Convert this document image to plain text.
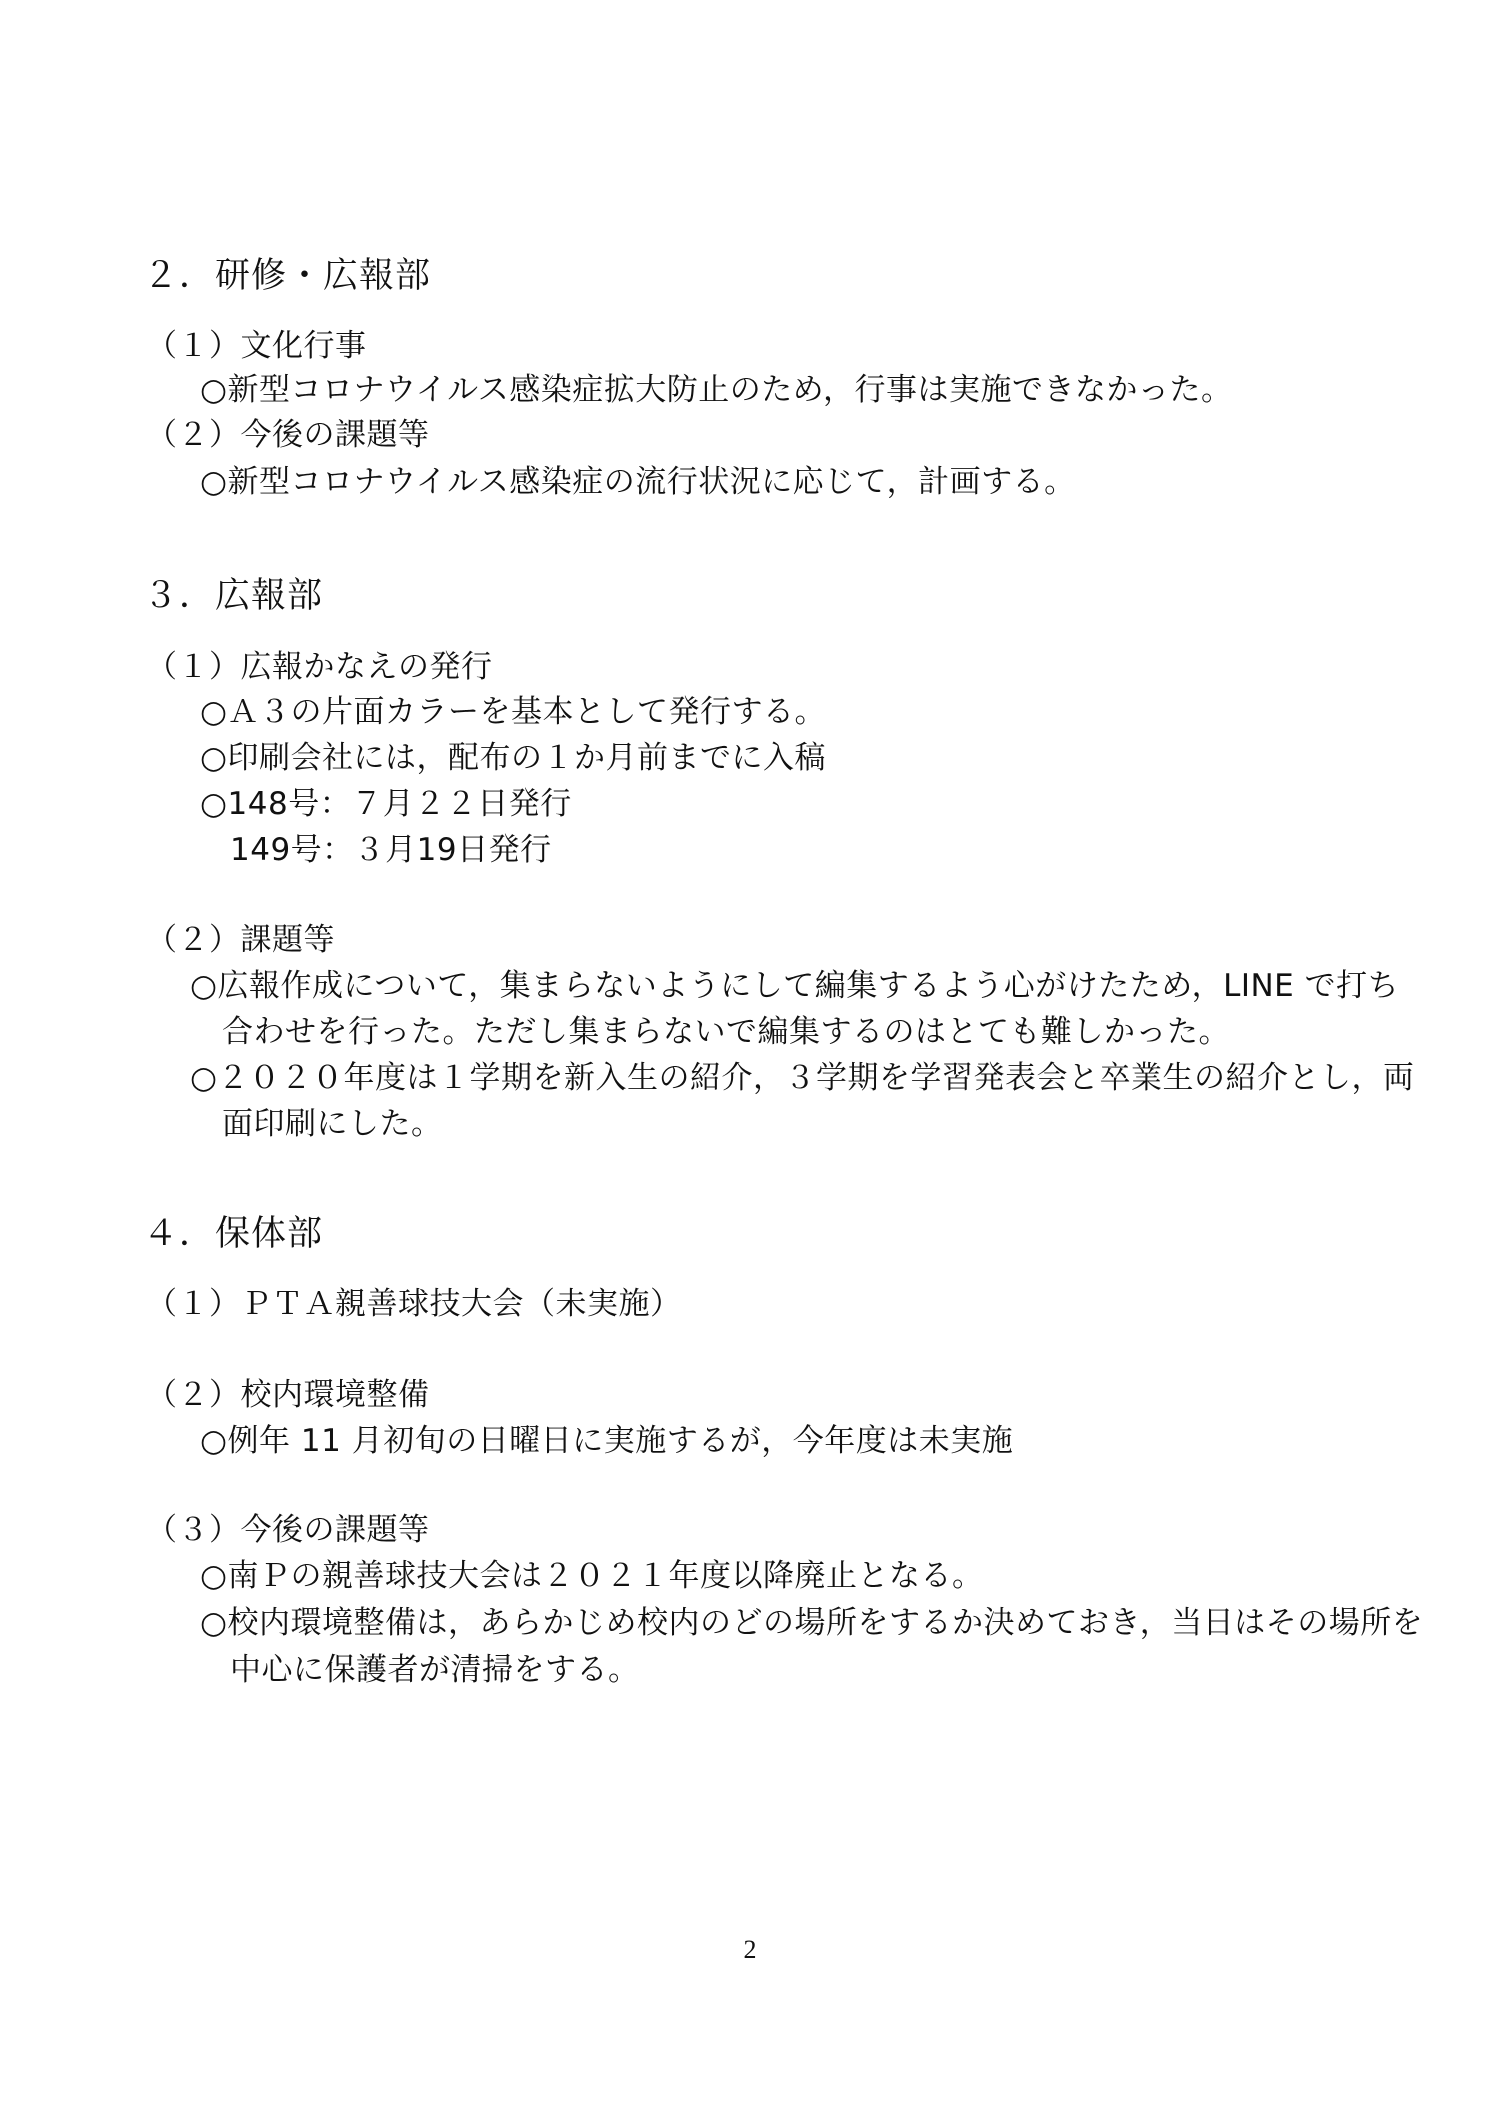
２．研修・広報部
（１）文化行事
○新型コロナウイルス感染症拡大防止のため，行事は実施できなかった。
（２）今後の課題等
○新型コロナウイルス感染症の流行状況に応じて，計画する。
３．広報部
（１）広報かなえの発行
○Ａ３の片面カラーを基本として発行する。
○印刷会社には，配布の１か月前までに入稿
○148号：７月２２日発行
149号：３月19日発行
（２）課題等
○広報作成について，集まらないようにして編集するよう心がけたため，LINE で打ち
合わせを行った。ただし集まらないで編集するのはとても難しかった。
○２０２０年度は１学期を新入生の紹介，３学期を学習発表会と卒業生の紹介とし，両
面印刷にした。
４．保体部
（１）ＰＴＡ親善球技大会（未実施）
（２）校内環境整備
○例年 11 月初旬の日曜日に実施するが，今年度は未実施
（３）今後の課題等
○南Ｐの親善球技大会は２０２１年度以降廃止となる。
○校内環境整備は，あらかじめ校内のどの場所をするか決めておき，当日はその場所を
中心に保護者が清掃をする。
2
